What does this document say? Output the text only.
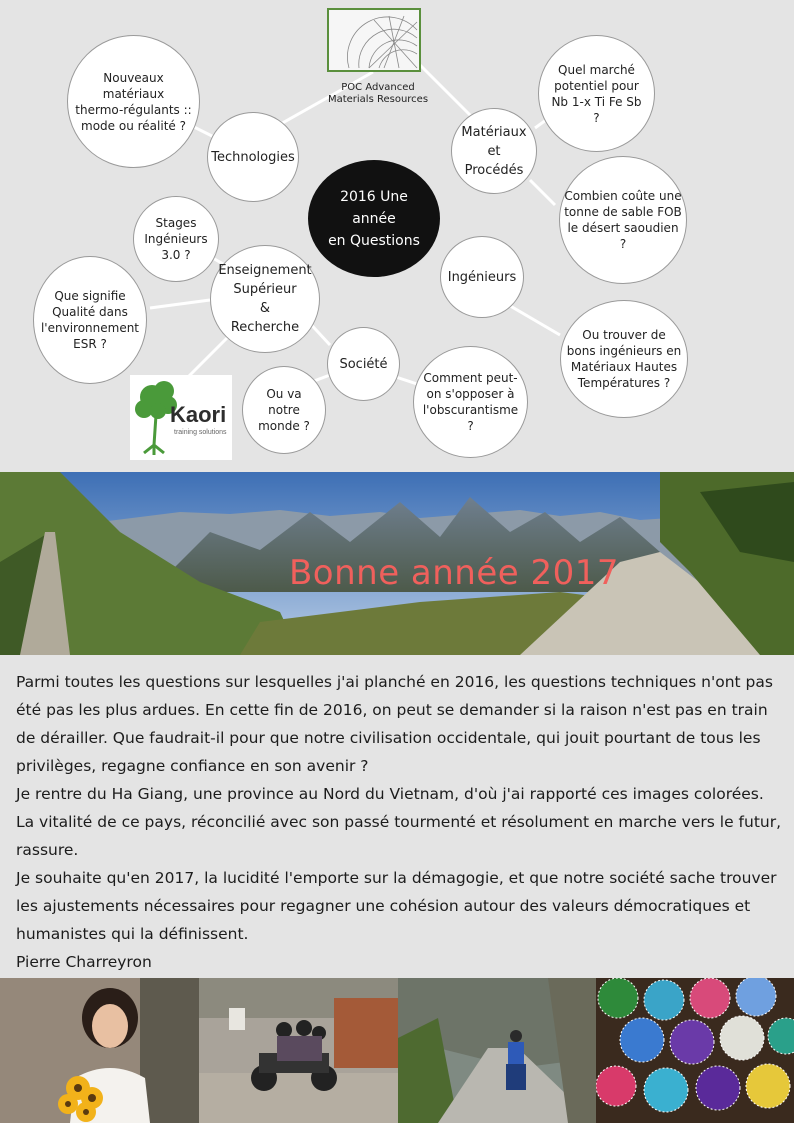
POC Advanced
Materials Resources
2016 Une
année
en Questions
Technologies
Matériaux
et
Procédés
Ingénieurs
Enseignement
Supérieur
&
Recherche
Société
Nouveaux
matériaux
thermo-régulants ::
mode ou réalité ?
Quel marché
potentiel pour
Nb 1-x Ti Fe Sb
?
Combien coûte une
tonne de sable FOB
le désert saoudien ?
Stages
Ingénieurs
3.0 ?
Que signifie
Qualité dans
l'environnement
ESR ?
Ou trouver de
bons ingénieurs en
Matériaux Hautes
Températures ?
Comment peut-
on s'opposer à
l'obscurantisme ?
Ou va
notre
monde ?
Kaori
training solutions
Bonne année 2017

Parmi toutes les questions sur lesquelles j'ai planché en 2016, les questions techniques n'ont pas été pas les plus ardues. En cette fin de 2016, on peut se demander si la raison n'est pas en train de dérailler. Que faudrait-il pour que notre civilisation occidentale, qui jouit pourtant de tous les privilèges, regagne confiance en son avenir ?

Je rentre du Ha Giang, une province au Nord du Vietnam, d'où j'ai rapporté ces images colorées. La vitalité de ce pays, réconcilié avec son passé tourmenté et résolument en marche vers le futur, rassure.

Je souhaite qu'en 2017, la lucidité l'emporte sur la démagogie, et que notre société sache trouver les ajustements nécessaires pour regagner une cohésion autour des valeurs démocratiques et humanistes qui la définissent.

Pierre Charreyron
